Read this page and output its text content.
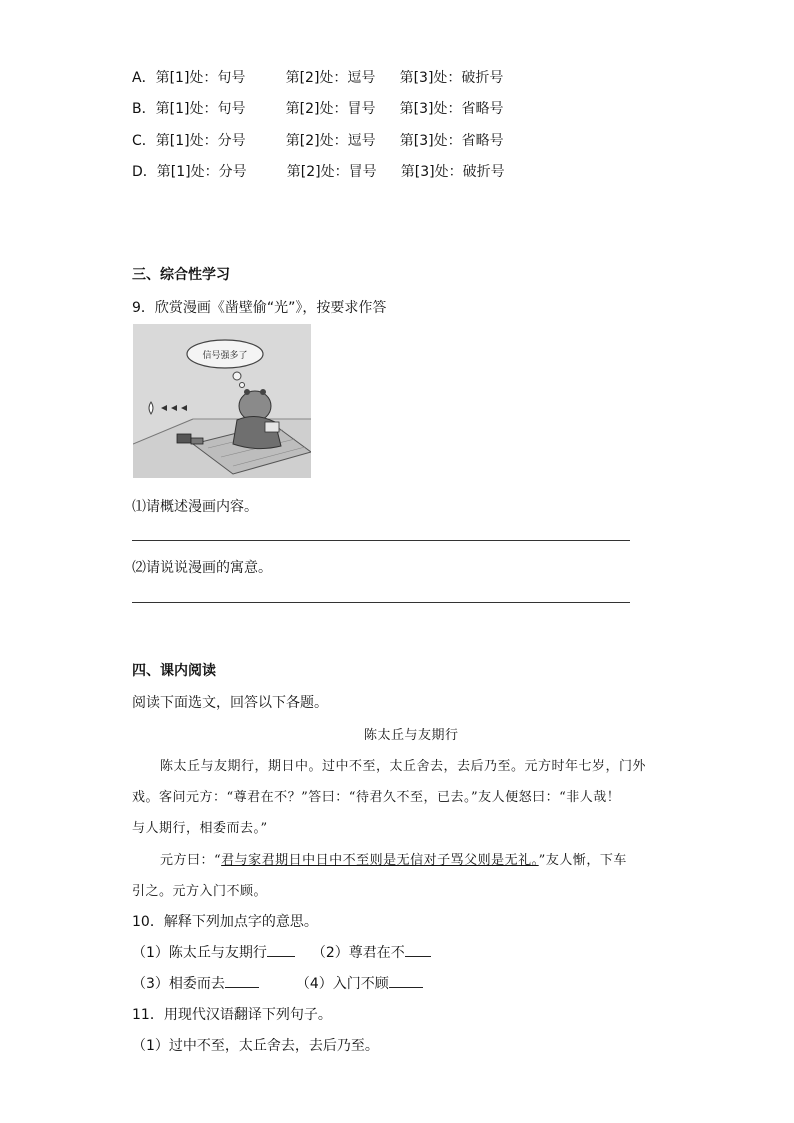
A．第[1]处：句号	第[2]处：逗号 第[3]处：破折号
B．第[1]处：句号	第[2]处：冒号 第[3]处：省略号
C．第[1]处：分号	第[2]处：逗号 第[3]处：省略号
D．第[1]处：分号	第[2]处：冒号 第[3]处：破折号
三、综合性学习
9．欣赏漫画《凿壁偷“光”》，按要求作答
信号强多了
⑴请概述漫画内容。
⑵请说说漫画的寓意。
四、课内阅读
阅读下面选文，回答以下各题。
陈太丘与友期行
陈太丘与友期行，期日中。过中不至，太丘舍去，去后乃至。元方时年七岁，门外
戏。客问元方：“尊君在不？”答曰：“待君久不至，已去。”友人便怒曰：“非人哉！
与人期行，相委而去。”
元方曰：“君与家君期日中日中不至则是无信对子骂父则是无礼。”友人惭，下车
引之。元方入门不顾。
10．解释下列加点字的意思。
（1）陈太丘与友期行	（2）尊君在不
（3）相委而去	（4）入门不顾
11．用现代汉语翻译下列句子。
（1）过中不至，太丘舍去，去后乃至。
